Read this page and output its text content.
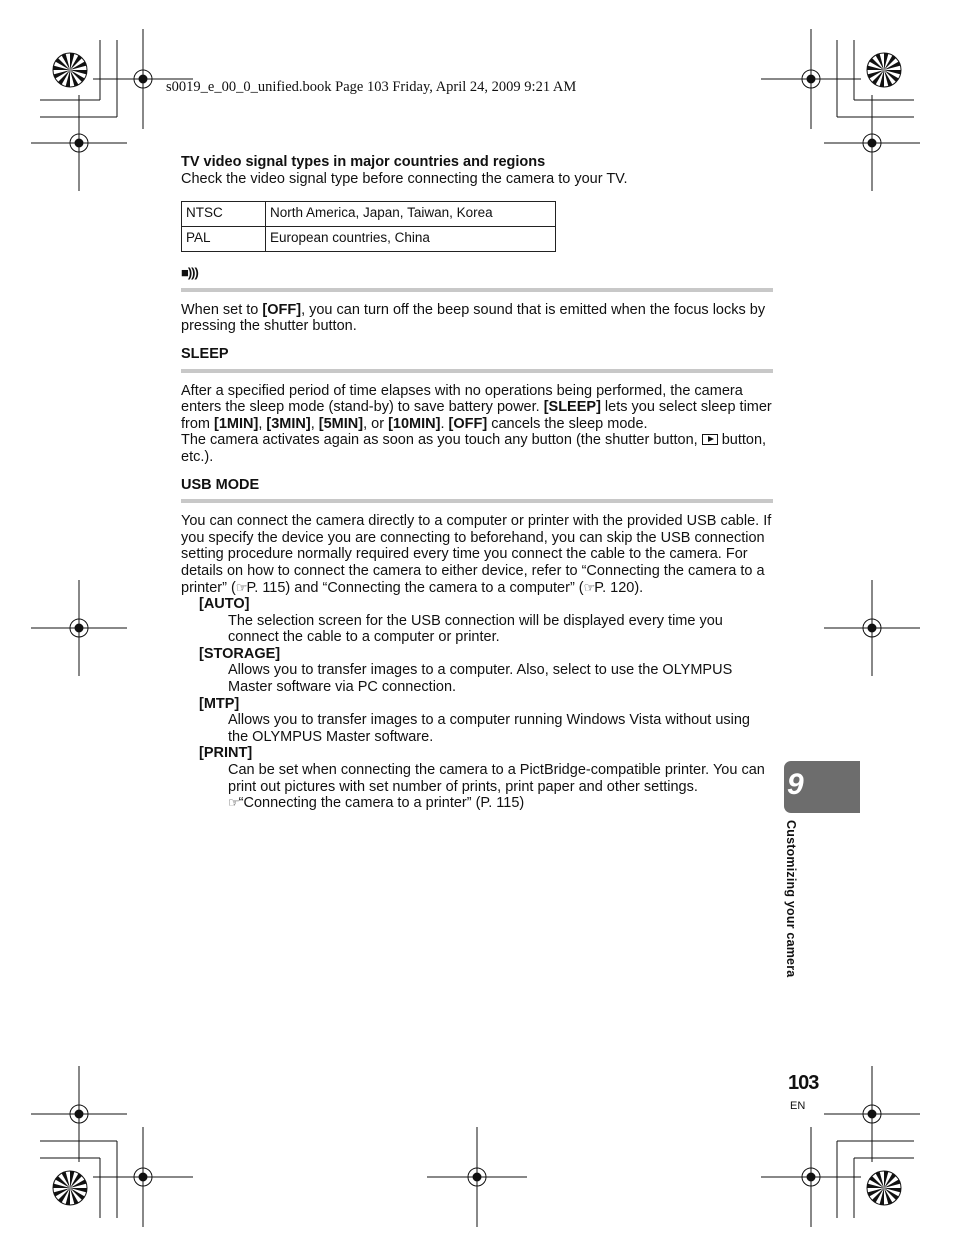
s0019_e_00_0_unified.book Page 103 Friday, April 24, 2009 9:21 AM
TV video signal types in major countries and regions
Check the video signal type before connecting the camera to your TV.
NTSC	North America, Japan, Taiwan, Korea
PAL	European countries, China
■)))

When set to [OFF], you can turn off the beep sound that is emitted when the focus locks by pressing the shutter button.

SLEEP

After a specified period of time elapses with no operations being performed, the camera enters the sleep mode (stand-by) to save battery power. [SLEEP] lets you select sleep timer from [1MIN], [3MIN], [5MIN], or [10MIN]. [OFF] cancels the sleep mode.

The camera activates again as soon as you touch any button (the shutter button,  button, etc.).

USB MODE

You can connect the camera directly to a computer or printer with the provided USB cable. If you specify the device you are connecting to beforehand, you can skip the USB connection setting procedure normally required every time you connect the cable to the camera. For details on how to connect the camera to either device, refer to “Connecting the camera to a printer” (☞P. 115) and “Connecting the camera to a computer” (☞P. 120).

[AUTO]
The selection screen for the USB connection will be displayed every time you connect the cable to a computer or printer.
[STORAGE]
Allows you to transfer images to a computer. Also, select to use the OLYMPUS Master software via PC connection.
[MTP]
Allows you to transfer images to a computer running Windows Vista without using the OLYMPUS Master software.
[PRINT]
Can be set when connecting the camera to a PictBridge-compatible printer. You can print out pictures with set number of prints, print paper and other settings.
☞“Connecting the camera to a printer” (P. 115)
9
Customizing your camera
103
EN
